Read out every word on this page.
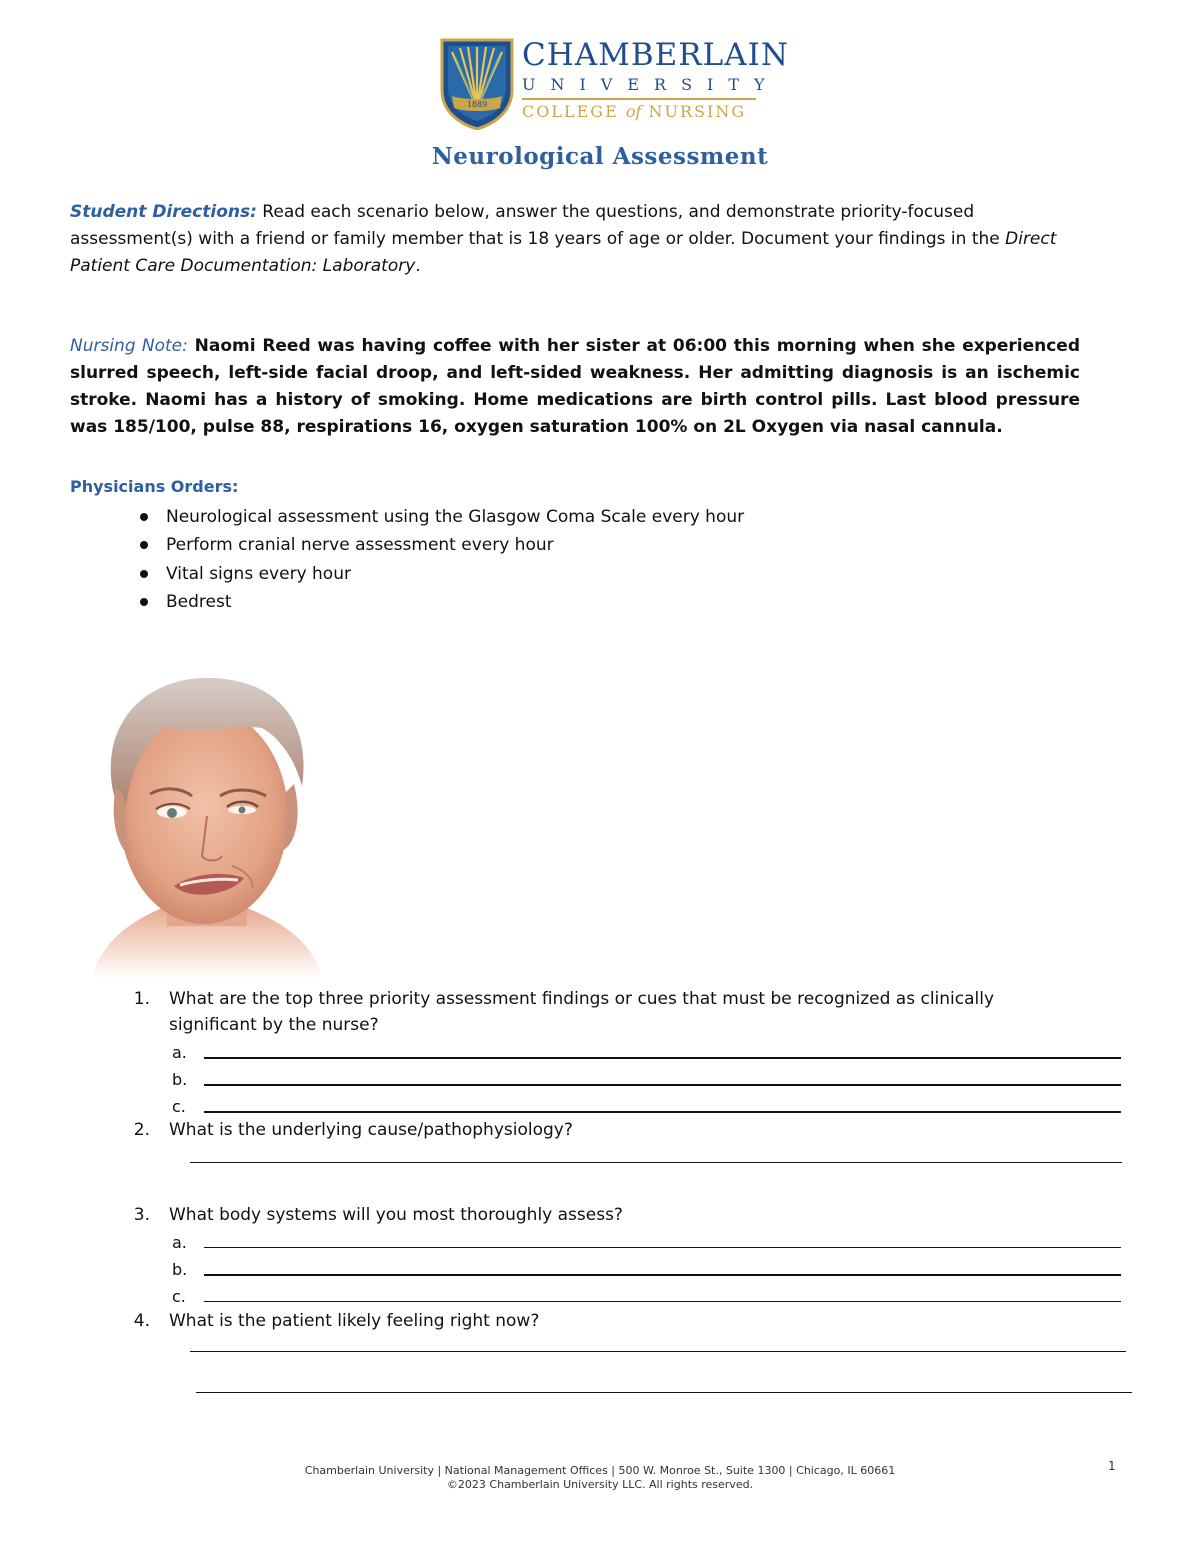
1889
CHAMBERLAIN
UNIVERSITY
COLLEGE of NURSING
Neurological Assessment
Student Directions: Read each scenario below, answer the questions, and demonstrate priority-focused assessment(s) with a friend or family member that is 18 years of age or older. Document your findings in the Direct Patient Care Documentation: Laboratory.
Nursing Note: Naomi Reed was having coffee with her sister at 06:00 this morning when she experienced slurred speech, left-side facial droop, and left-sided weakness. Her admitting diagnosis is an ischemic stroke. Naomi has a history of smoking. Home medications are birth control pills. Last blood pressure was 185/100, pulse 88, respirations 16, oxygen saturation 100% on 2L Oxygen via nasal cannula.
Physicians Orders:
Neurological assessment using the Glasgow Coma Scale every hour
Perform cranial nerve assessment every hour
Vital signs every hour
Bedrest
1. What are the top three priority assessment findings or cues that must be recognized as clinically
significant by the nurse?
a.
b.
c.
2. What is the underlying cause/pathophysiology?
3. What body systems will you most thoroughly assess?
a.
b.
c.
4. What is the patient likely feeling right now?
1
Chamberlain University | National Management Offices | 500 W. Monroe St., Suite 1300 | Chicago, IL 60661
©2023 Chamberlain University LLC. All rights reserved.
